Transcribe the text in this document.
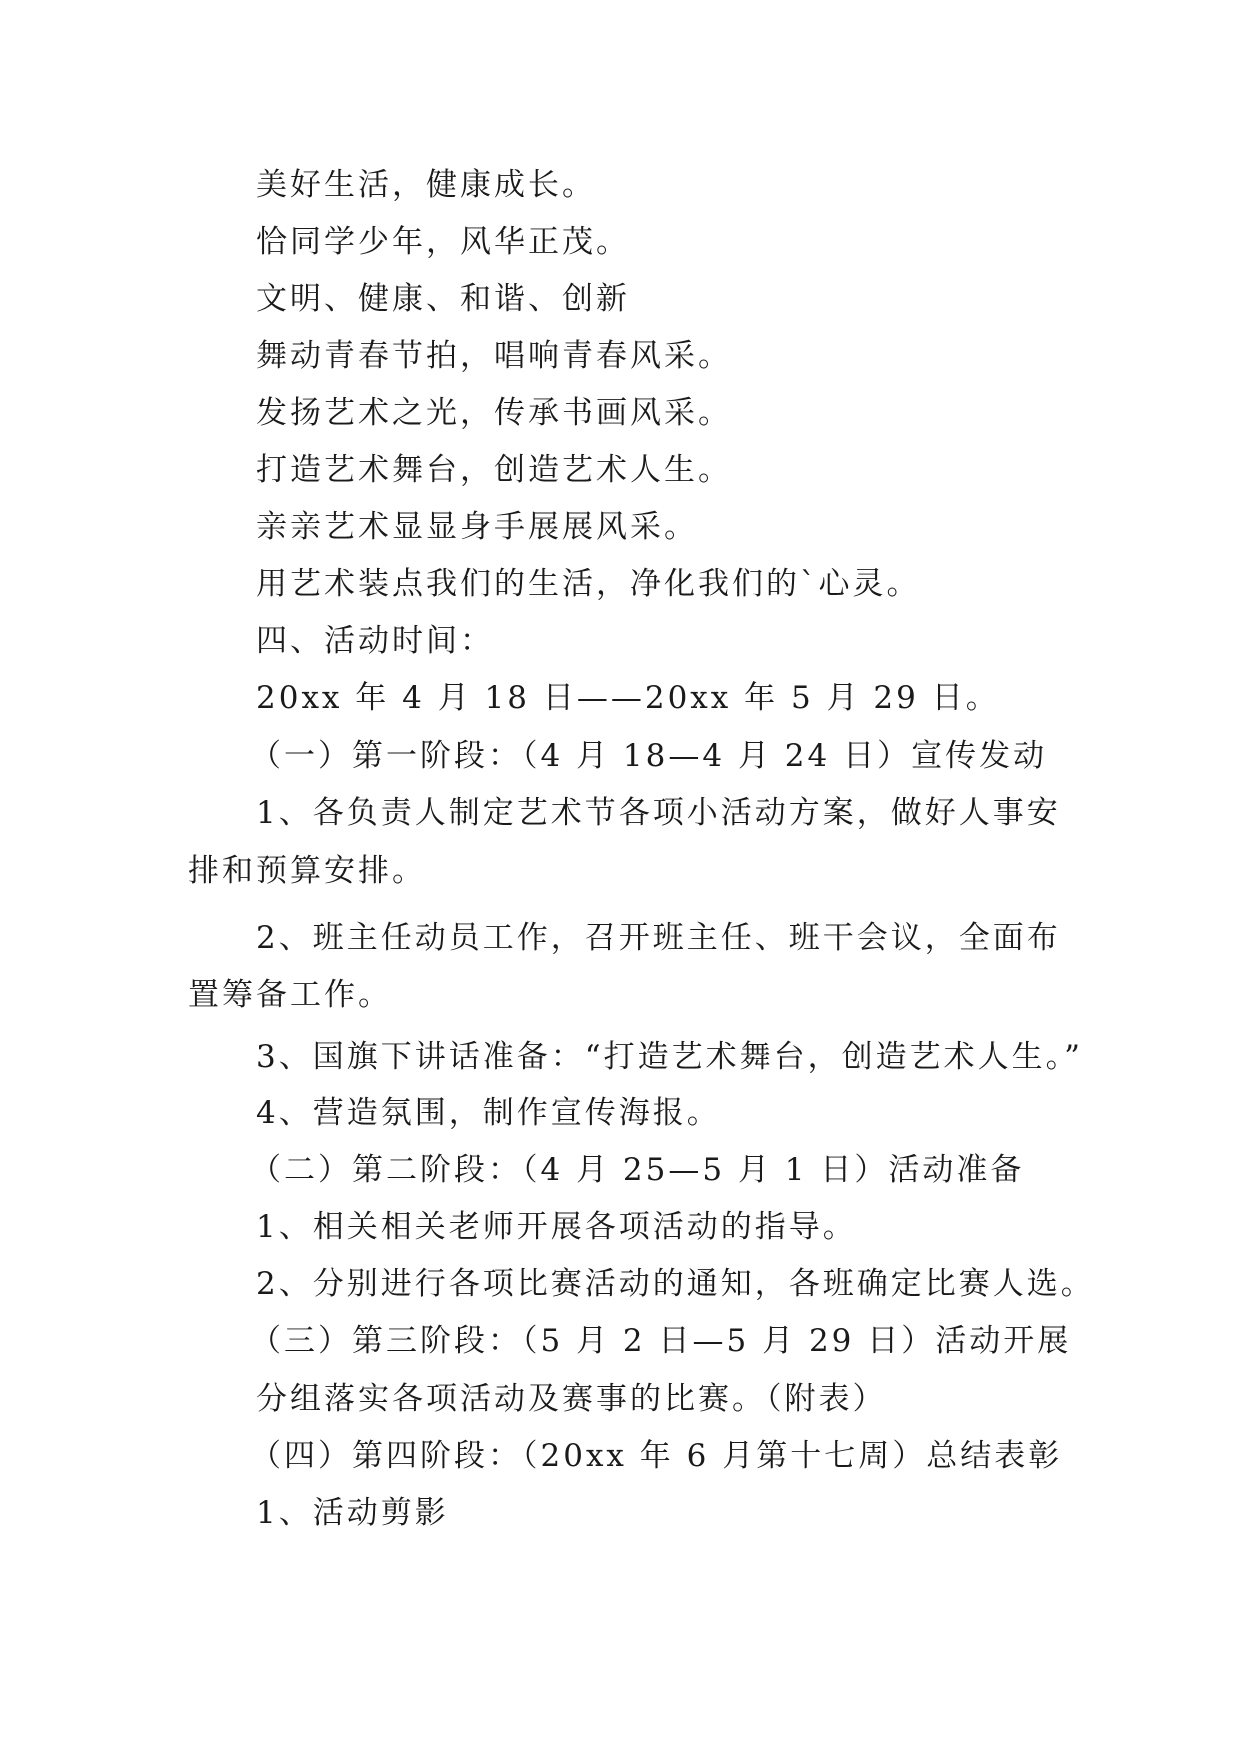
美好生活，健康成长。
恰同学少年，风华正茂。
文明、健康、和谐、创新
舞动青春节拍，唱响青春风采。
发扬艺术之光，传承书画风采。
打造艺术舞台，创造艺术人生。
亲亲艺术显显身手展展风采。
用艺术装点我们的生活，净化我们的`心灵。
四、活动时间：
20xx 年 4 月 18 日——20xx 年 5 月 29 日。
（一）第一阶段：（4 月 18—4 月 24 日）宣传发动
1、各负责人制定艺术节各项小活动方案，做好人事安
排和预算安排。
2、班主任动员工作，召开班主任、班干会议，全面布
置筹备工作。
3、国旗下讲话准备：“打造艺术舞台，创造艺术人生。”
4、营造氛围，制作宣传海报。
（二）第二阶段：（4 月 25—5 月 1 日）活动准备
1、相关相关老师开展各项活动的指导。
2、分别进行各项比赛活动的通知，各班确定比赛人选。
（三）第三阶段：（5 月 2 日—5 月 29 日）活动开展
分组落实各项活动及赛事的比赛。（附表）
（四）第四阶段：（20xx 年 6 月第十七周）总结表彰
1、活动剪影
